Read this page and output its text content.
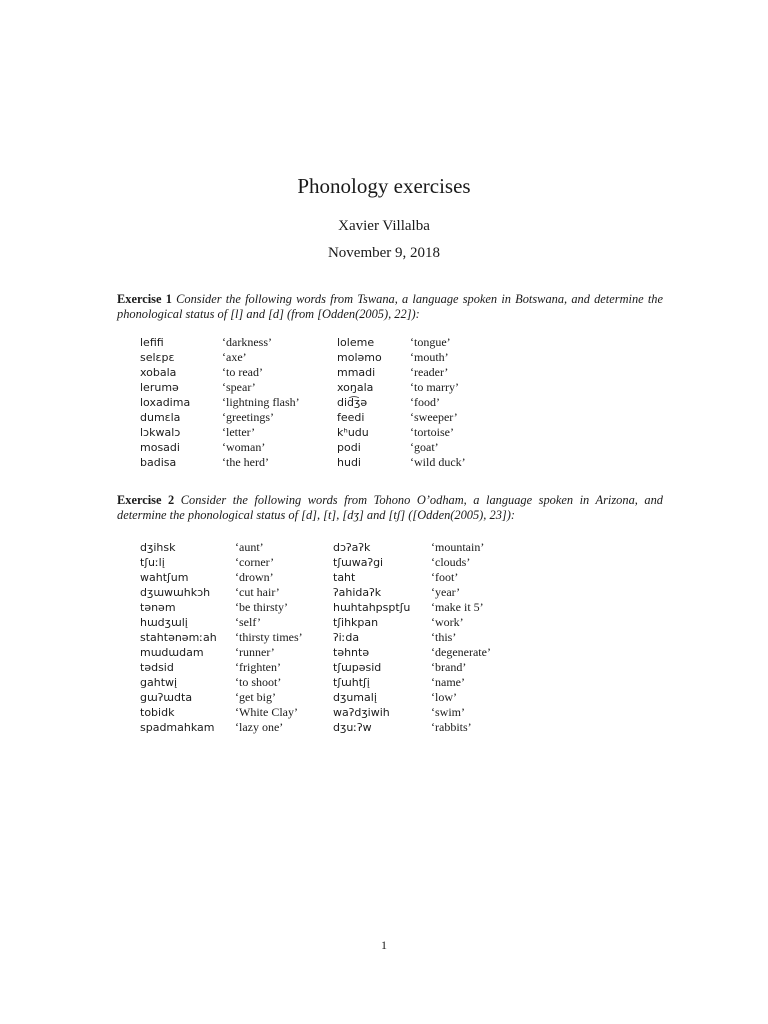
Phonology exercises
Xavier Villalba
November 9, 2018
Exercise 1 Consider the following words from Tswana, a language spoken in Botswana, and determine the phonological status of [l] and [d] (from [Odden(2005), 22]):
lefifi	‘darkness’	loleme	‘tongue’
selɛpɛ	‘axe’	moləmo	‘mouth’
xobala	‘to read’	mmadi	‘reader’
lerumə	‘spear’	xoŋala	‘to marry’
loxadima	‘lightning flash’	did͡ʒə	‘food’
dumɛla	‘greetings’	feedi	‘sweeper’
lɔkwalɔ	‘letter’	kʰudu	‘tortoise’
mosadi	‘woman’	podi	‘goat’
badisa	‘the herd’	hudi	‘wild duck’
Exercise 2 Consider the following words from Tohono O’odham, a language spoken in Arizona, and determine the phonological status of [d], [t], [dʒ] and [tʃ] ([Odden(2005), 23]):
dʒihsk	‘aunt’	dɔʔaʔk	‘mountain’
tʃuːlį	‘corner’	tʃɯwaʔgi	‘clouds’
wahtʃum	‘drown’	taht	‘foot’
dʒɯwɯhkɔh	‘cut hair’	ʔahidaʔk	‘year’
tənəm	‘be thirsty’	hɯhtahpsptʃu	‘make it 5’
hɯdʒɯlį	‘self’	tʃihkpan	‘work’
stahtənəmːah	‘thirsty times’	ʔiːda	‘this’
mɯdɯdam	‘runner’	təhntə	‘degenerate’
tədsid	‘frighten’	tʃɯpəsid	‘brand’
gahtwį	‘to shoot’	tʃɯhtʃį	‘name’
gɯʔɯdta	‘get big’	dʒumalį	‘low’
tobidk	‘White Clay’	waʔdʒiwih	‘swim’
spadmahkam	‘lazy one’	dʒuːʔw	‘rabbits’
1
